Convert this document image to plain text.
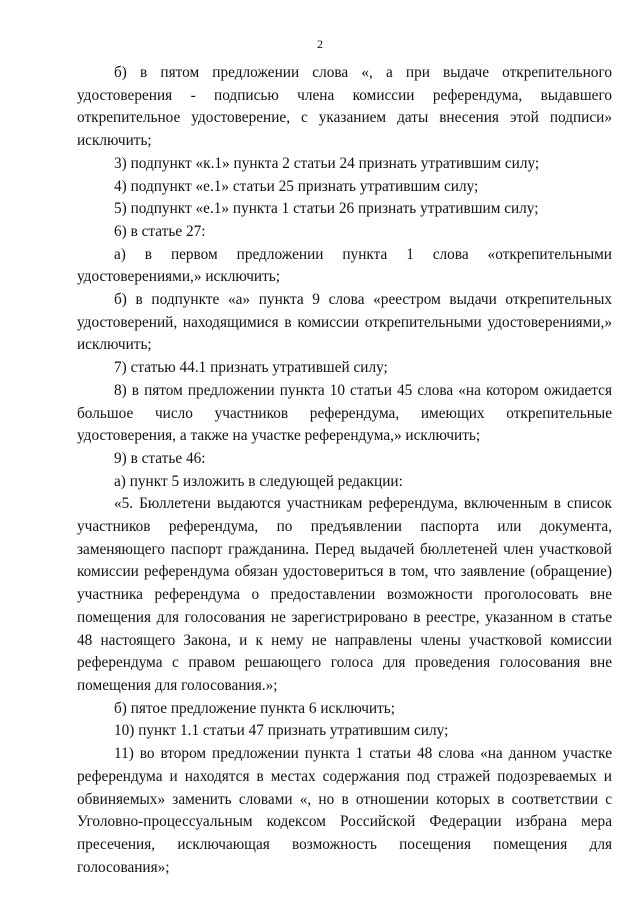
2

б) в пятом предложении слова «, а при выдаче открепительного удостоверения - подписью члена комиссии референдума, выдавшего открепительное удостоверение, с указанием даты внесения этой подписи» исключить;

3) подпункт «к.1» пункта 2 статьи 24 признать утратившим силу;

4) подпункт «е.1» статьи 25 признать утратившим силу;

5) подпункт «е.1» пункта 1 статьи 26 признать утратившим силу;

6) в статье 27:

а) в первом предложении пункта 1 слова «открепительными удостоверениями,» исключить;

б) в подпункте «а» пункта 9 слова «реестром выдачи открепительных удостоверений, находящимися в комиссии открепительными удостоверениями,» исключить;

7) статью 44.1 признать утратившей силу;

8) в пятом предложении пункта 10 статьи 45 слова «на котором ожидается большое число участников референдума, имеющих открепительные удостоверения, а также на участке референдума,» исключить;

9) в статье 46:

а) пункт 5 изложить в следующей редакции:

«5. Бюллетени выдаются участникам референдума, включенным в список участников референдума, по предъявлении паспорта или документа, заменяющего паспорт гражданина. Перед выдачей бюллетеней член участковой комиссии референдума обязан удостовериться в том, что заявление (обращение) участника референдума о предоставлении возможности проголосовать вне помещения для голосования не зарегистрировано в реестре, указанном в статье 48 настоящего Закона, и к нему не направлены члены участковой комиссии референдума с правом решающего голоса для проведения голосования вне помещения для голосования.»;

б) пятое предложение пункта 6 исключить;

10) пункт 1.1 статьи 47 признать утратившим силу;

11) во втором предложении пункта 1 статьи 48 слова «на данном участке референдума и находятся в местах содержания под стражей подозреваемых и обвиняемых» заменить словами «, но в отношении которых в соответствии с Уголовно-процессуальным кодексом Российской Федерации избрана мера пресечения, исключающая возможность посещения помещения для голосования»;
